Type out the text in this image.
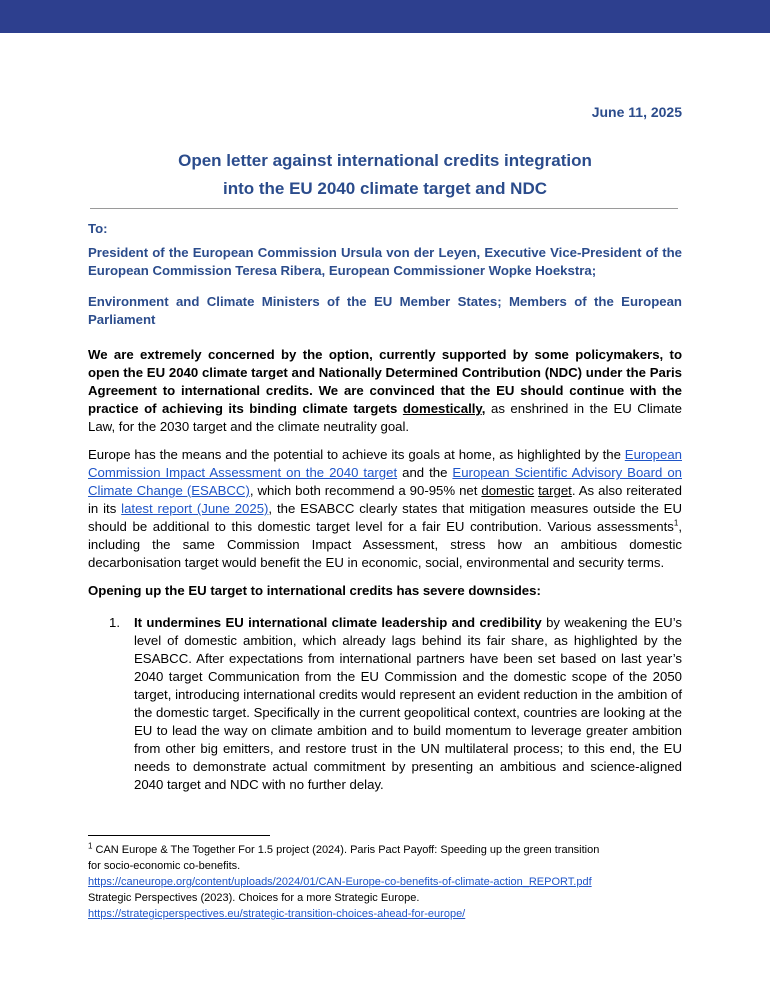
June 11, 2025
Open letter against international credits integration
into the EU 2040 climate target and NDC
To:
President of the European Commission Ursula von der Leyen, Executive Vice-President of the European Commission Teresa Ribera, European Commissioner Wopke Hoekstra;
Environment and Climate Ministers of the EU Member States; Members of the European Parliament
We are extremely concerned by the option, currently supported by some policymakers, to open the EU 2040 climate target and Nationally Determined Contribution (NDC) under the Paris Agreement to international credits. We are convinced that the EU should continue with the practice of achieving its binding climate targets domestically, as enshrined in the EU Climate Law, for the 2030 target and the climate neutrality goal.
Europe has the means and the potential to achieve its goals at home, as highlighted by the European Commission Impact Assessment on the 2040 target and the European Scientific Advisory Board on Climate Change (ESABCC), which both recommend a 90-95% net domestic target. As also reiterated in its latest report (June 2025), the ESABCC clearly states that mitigation measures outside the EU should be additional to this domestic target level for a fair EU contribution. Various assessments$^1$, including the same Commission Impact Assessment, stress how an ambitious domestic decarbonisation target would benefit the EU in economic, social, environmental and security terms.
Opening up the EU target to international credits has severe downsides:
1. It undermines EU international climate leadership and credibility by weakening the EU’s level of domestic ambition, which already lags behind its fair share, as highlighted by the ESABCC. After expectations from international partners have been set based on last year’s 2040 target Communication from the EU Commission and the domestic scope of the 2050 target, introducing international credits would represent an evident reduction in the ambition of the domestic target. Specifically in the current geopolitical context, countries are looking at the EU to lead the way on climate ambition and to build momentum to leverage greater ambition from other big emitters, and restore trust in the UN multilateral process; to this end, the EU needs to demonstrate actual commitment by presenting an ambitious and science-aligned 2040 target and NDC with no further delay.
$^1$ CAN Europe & The Together For 1.5 project (2024). Paris Pact Payoff: Speeding up the green transition
for socio-economic co-benefits.
https://caneurope.org/content/uploads/2024/01/CAN-Europe-co-benefits-of-climate-action_REPORT.pdf
Strategic Perspectives (2023). Choices for a more Strategic Europe.
https://strategicperspectives.eu/strategic-transition-choices-ahead-for-europe/
